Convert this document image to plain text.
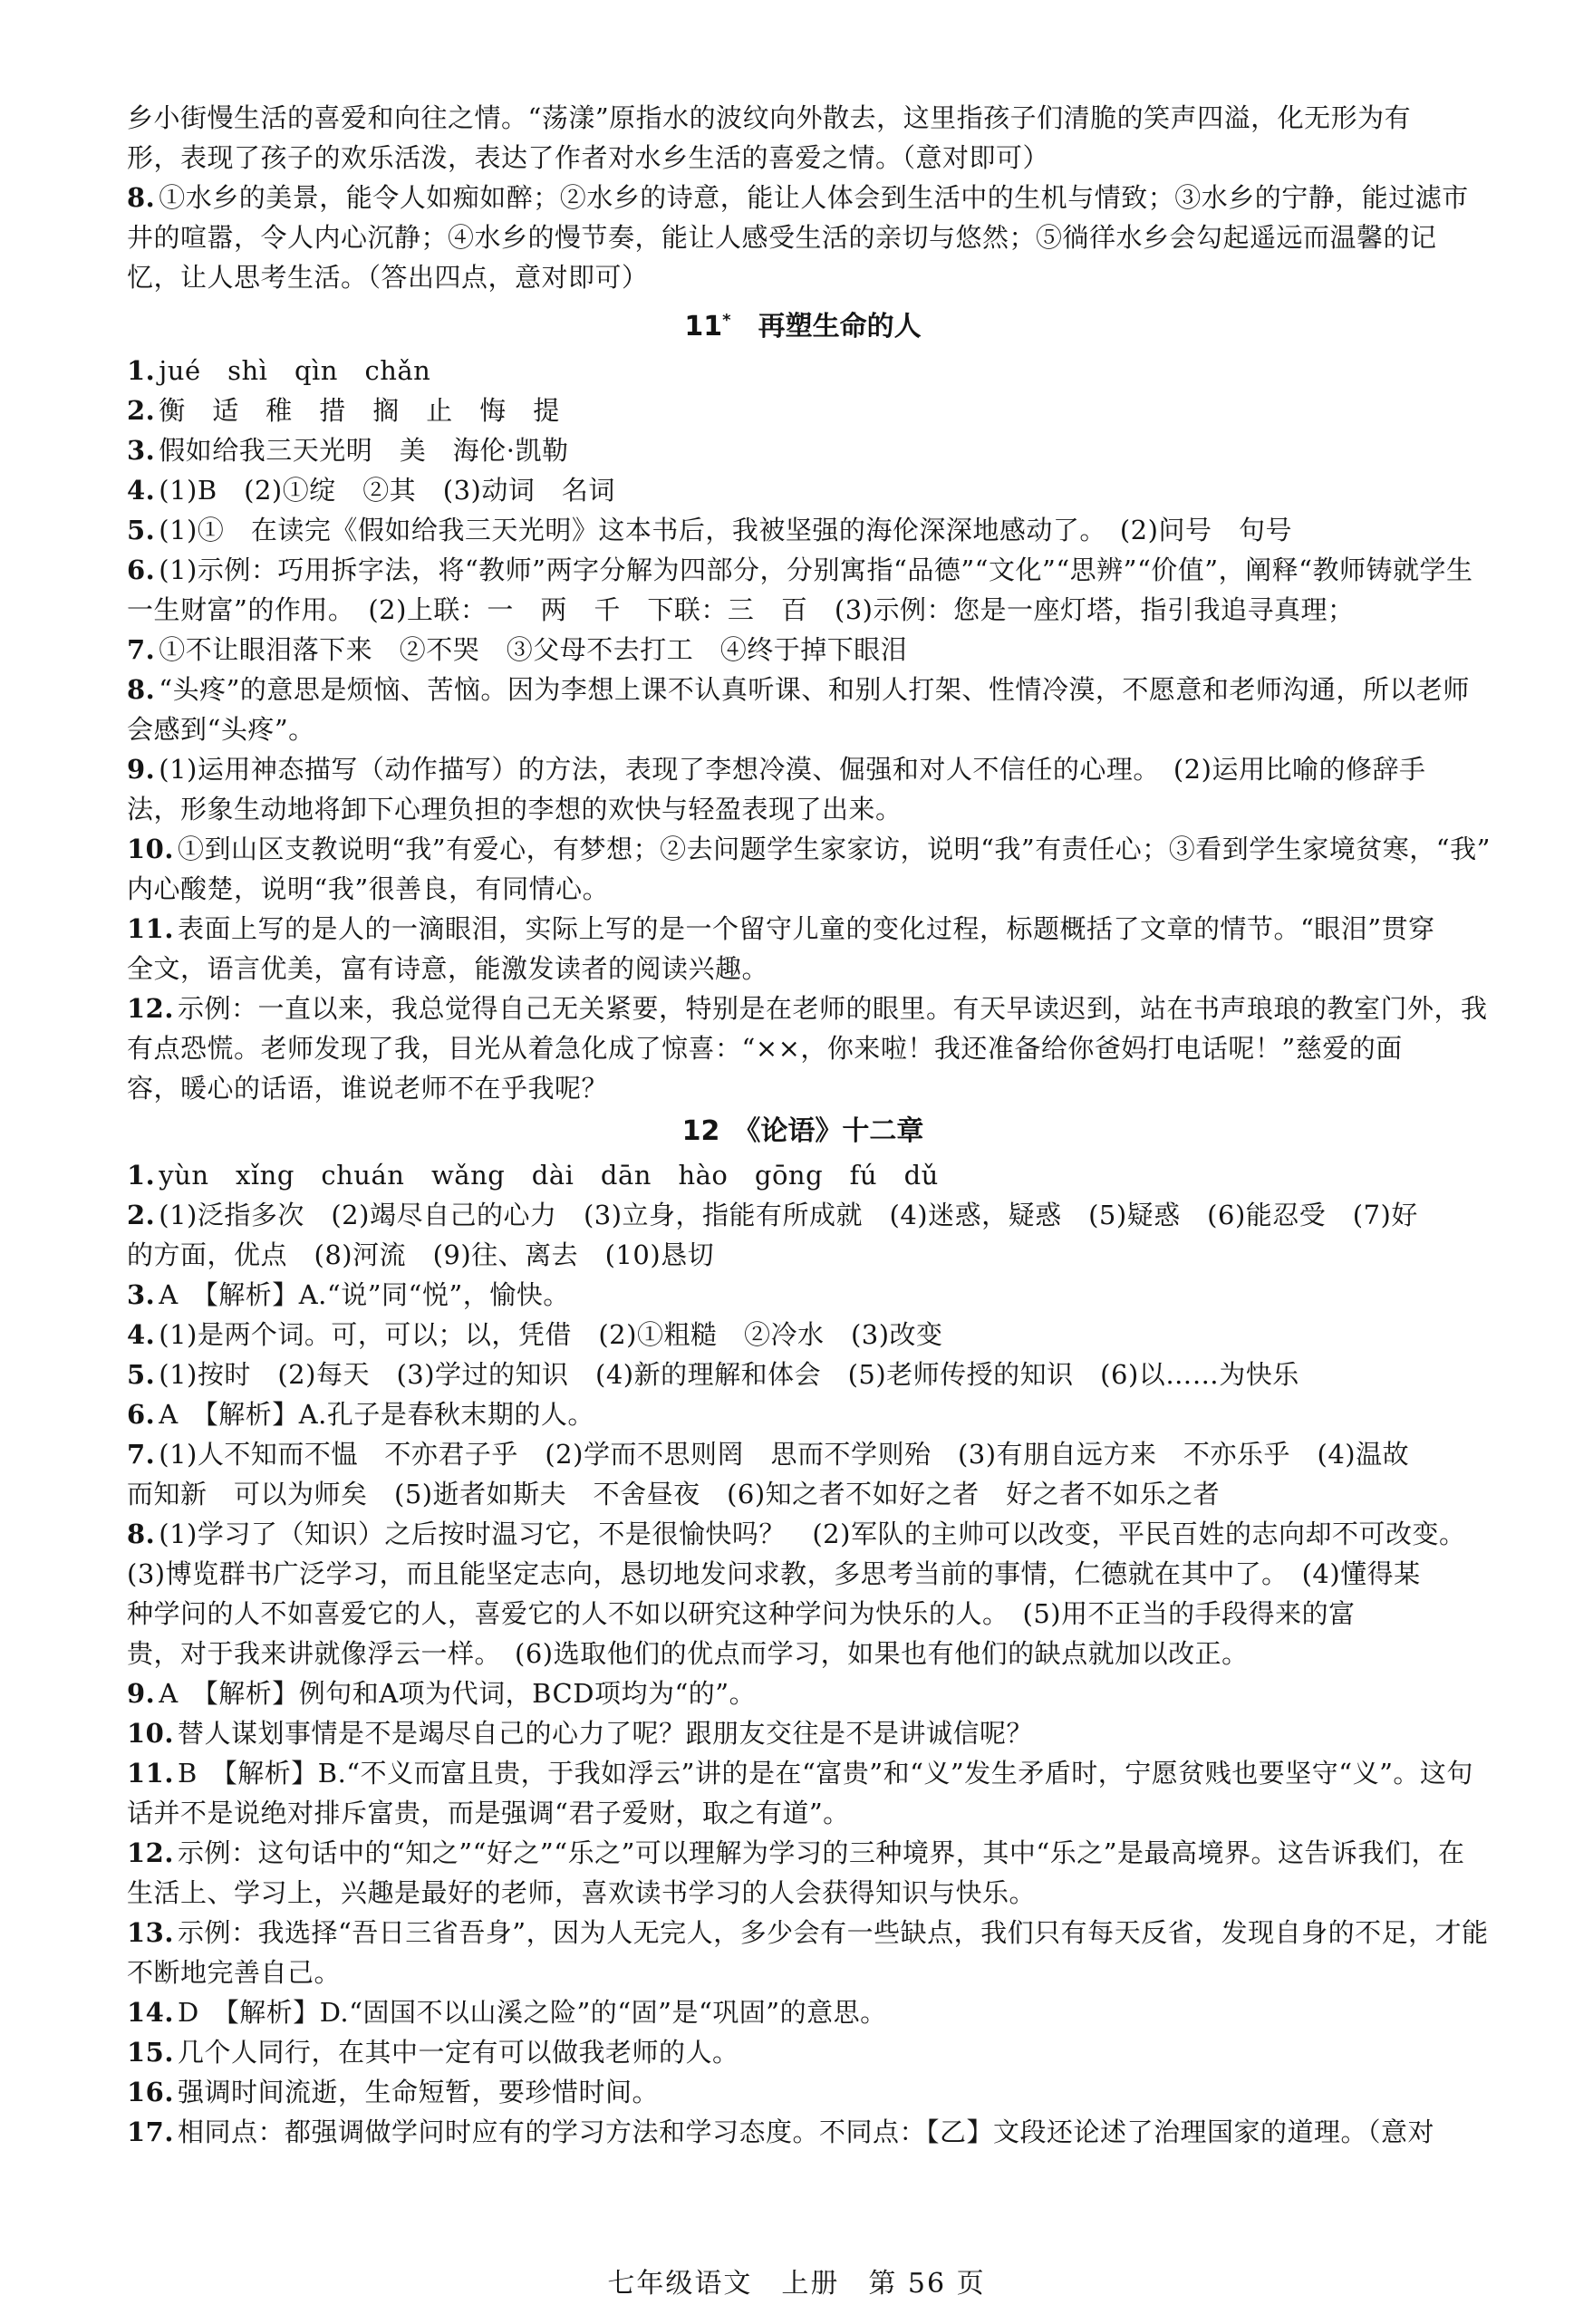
乡小街慢生活的喜爱和向往之情。“荡漾”原指水的波纹向外散去，这里指孩子们清脆的笑声四溢，化无形为有
形，表现了孩子的欢乐活泼，表达了作者对水乡生活的喜爱之情。（意对即可）
8. ①水乡的美景，能令人如痴如醉；②水乡的诗意，能让人体会到生活中的生机与情致；③水乡的宁静，能过滤市
井的喧嚣，令人内心沉静；④水乡的慢节奏，能让人感受生活的亲切与悠然；⑤徜徉水乡会勾起遥远而温馨的记
忆，让人思考生活。（答出四点，意对即可）
11*　 再塑生命的人
1. jué　shì　qìn　chǎn
2. 衡　适　稚　措　搁　止　悔　提
3. 假如给我三天光明　美　海伦·凯勒
4. (1)B　(2)①绽　②其　(3)动词　名词
5. (1)①　在读完《假如给我三天光明》这本书后，我被坚强的海伦深深地感动了。　(2)问号　句号
6. (1)示例：巧用拆字法，将“教师”两字分解为四部分，分别寓指“品德”“文化”“思辨”“价值”，阐释“教师铸就学生
一生财富”的作用。　(2)上联：一　两　千　下联：三　百　(3)示例：您是一座灯塔，指引我追寻真理；
7. ①不让眼泪落下来　②不哭　③父母不去打工　④终于掉下眼泪
8. “头疼”的意思是烦恼、苦恼。因为李想上课不认真听课、和别人打架、性情冷漠，不愿意和老师沟通，所以老师
会感到“头疼”。
9. (1)运用神态描写（动作描写）的方法，表现了李想冷漠、倔强和对人不信任的心理。　(2)运用比喻的修辞手
法，形象生动地将卸下心理负担的李想的欢快与轻盈表现了出来。
10. ①到山区支教说明“我”有爱心，有梦想；②去问题学生家家访，说明“我”有责任心；③看到学生家境贫寒，“我”
内心酸楚，说明“我”很善良，有同情心。
11. 表面上写的是人的一滴眼泪，实际上写的是一个留守儿童的变化过程，标题概括了文章的情节。“眼泪”贯穿
全文，语言优美，富有诗意，能激发读者的阅读兴趣。
12. 示例：一直以来，我总觉得自己无关紧要，特别是在老师的眼里。有天早读迟到，站在书声琅琅的教室门外，我
有点恐慌。老师发现了我，目光从着急化成了惊喜：“××，你来啦！我还准备给你爸妈打电话呢！”慈爱的面
容，暖心的话语，谁说老师不在乎我呢？
12　 《论语》十二章
1. yùn　xǐng　chuán　wǎng　dài　dān　hào　gōng　fú　dǔ
2. (1)泛指多次　(2)竭尽自己的心力　(3)立身，指能有所成就　(4)迷惑，疑惑　(5)疑惑　(6)能忍受　(7)好
的方面，优点　(8)河流　(9)往、离去　(10)恳切
3. A　【解析】A.“说”同“悦”，愉快。
4. (1)是两个词。可，可以；以，凭借　(2)①粗糙　②冷水　(3)改变
5. (1)按时　(2)每天　(3)学过的知识　(4)新的理解和体会　(5)老师传授的知识　(6)以……为快乐
6. A　【解析】A.孔子是春秋末期的人。
7. (1)人不知而不愠　不亦君子乎　(2)学而不思则罔　思而不学则殆　(3)有朋自远方来　不亦乐乎　(4)温故
而知新　可以为师矣　(5)逝者如斯夫　不舍昼夜　(6)知之者不如好之者　好之者不如乐之者
8. (1)学习了（知识）之后按时温习它，不是很愉快吗？　(2)军队的主帅可以改变，平民百姓的志向却不可改变。
(3)博览群书广泛学习，而且能坚定志向，恳切地发问求教，多思考当前的事情，仁德就在其中了。　(4)懂得某
种学问的人不如喜爱它的人，喜爱它的人不如以研究这种学问为快乐的人。　(5)用不正当的手段得来的富
贵，对于我来讲就像浮云一样。　(6)选取他们的优点而学习，如果也有他们的缺点就加以改正。
9. A　【解析】例句和A项为代词，BCD项均为“的”。
10. 替人谋划事情是不是竭尽自己的心力了呢？跟朋友交往是不是讲诚信呢？
11. B　【解析】B.“不义而富且贵，于我如浮云”讲的是在“富贵”和“义”发生矛盾时，宁愿贫贱也要坚守“义”。这句
话并不是说绝对排斥富贵，而是强调“君子爱财，取之有道”。
12. 示例：这句话中的“知之”“好之”“乐之”可以理解为学习的三种境界，其中“乐之”是最高境界。这告诉我们，在
生活上、学习上，兴趣是最好的老师，喜欢读书学习的人会获得知识与快乐。
13. 示例：我选择“吾日三省吾身”，因为人无完人，多少会有一些缺点，我们只有每天反省，发现自身的不足，才能
不断地完善自己。
14. D　【解析】D.“固国不以山溪之险”的“固”是“巩固”的意思。
15. 几个人同行，在其中一定有可以做我老师的人。
16. 强调时间流逝，生命短暂，要珍惜时间。
17. 相同点：都强调做学问时应有的学习方法和学习态度。不同点：【乙】文段还论述了治理国家的道理。（意对
七年级语文　上册　第 56 页
